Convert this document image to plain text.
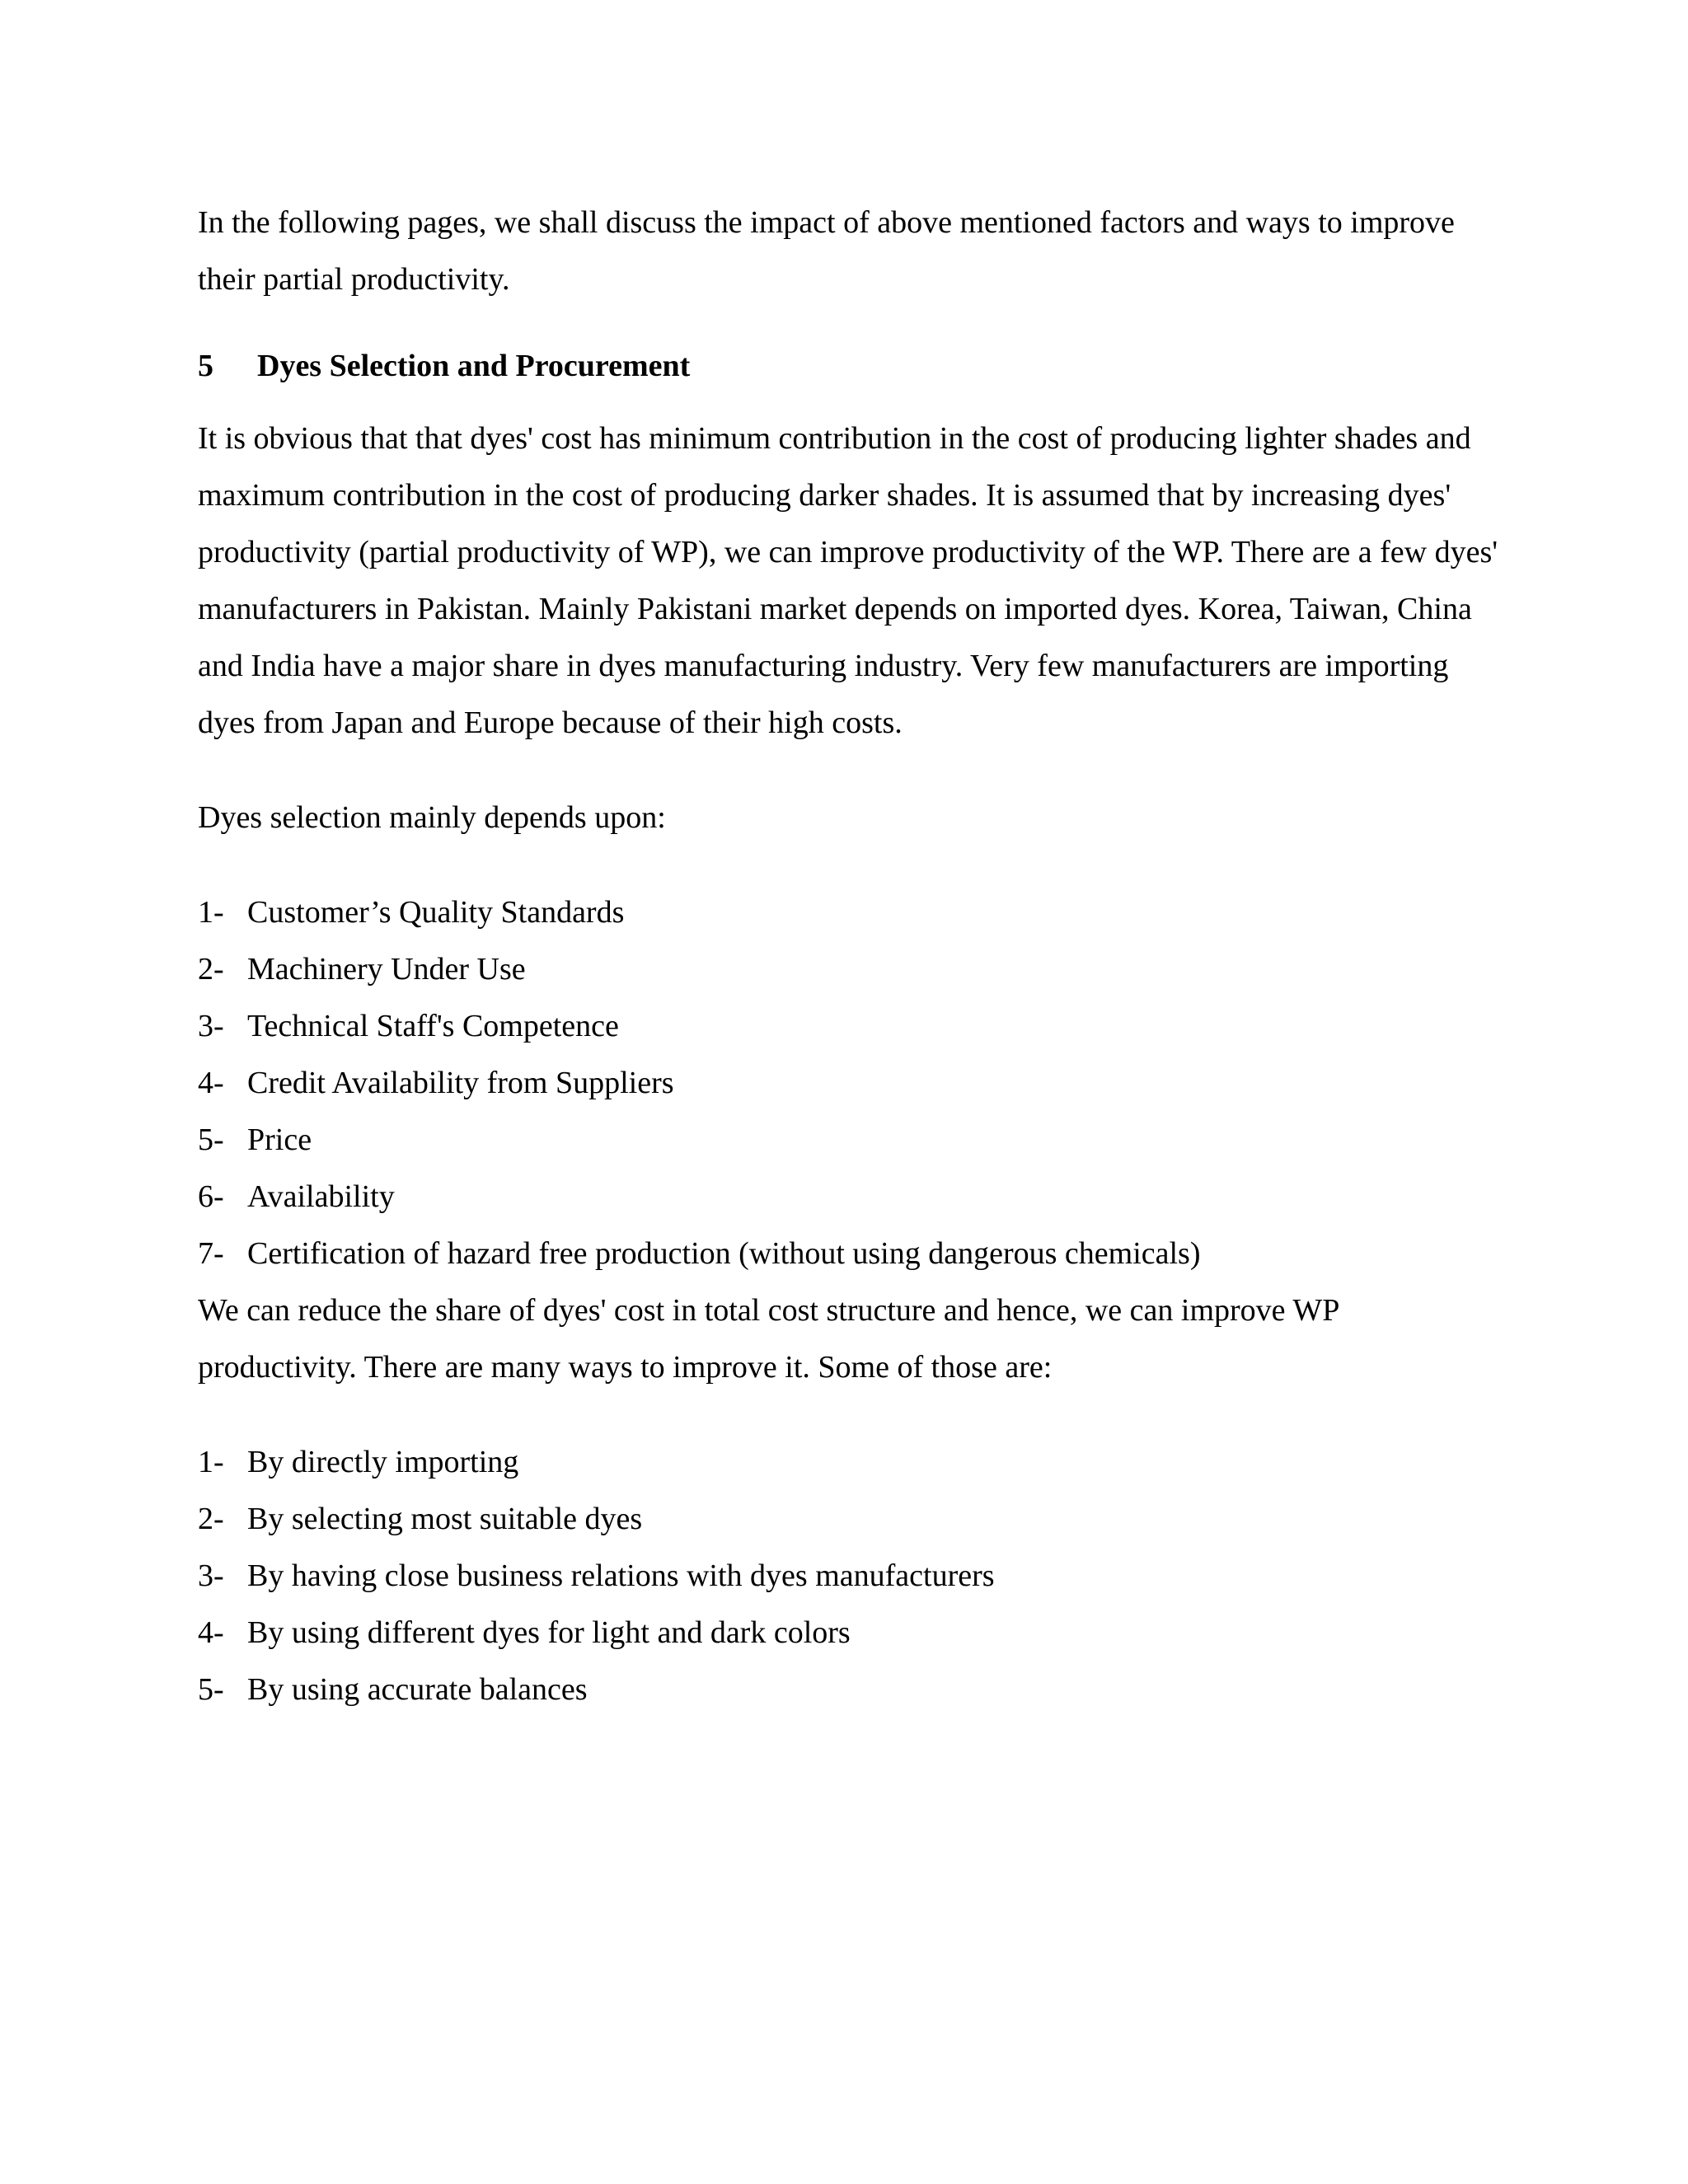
In the following pages, we shall discuss the impact of above mentioned factors and ways to improve their partial productivity.

5	Dyes Selection and Procurement

It is obvious that that dyes' cost has minimum contribution in the cost of producing lighter shades and maximum contribution in the cost of producing darker shades. It is assumed that by increasing dyes' productivity (partial productivity of WP), we can improve productivity of the WP. There are a few dyes' manufacturers in Pakistan. Mainly Pakistani market depends on imported dyes. Korea, Taiwan, China and India have a major share in dyes manufacturing industry. Very few manufacturers are importing dyes from Japan and Europe because of their high costs.

Dyes selection mainly depends upon:

1- Customer’s Quality Standards
2- Machinery Under Use
3- Technical Staff's Competence
4- Credit Availability from Suppliers
5- Price
6- Availability
7- Certification of hazard free production (without using dangerous chemicals)

We can reduce the share of dyes' cost in total cost structure and hence, we can improve WP productivity. There are many ways to improve it. Some of those are:

1- By directly importing
2- By selecting most suitable dyes
3- By having close business relations with dyes manufacturers
4- By using different dyes for light and dark colors
5- By using accurate balances
